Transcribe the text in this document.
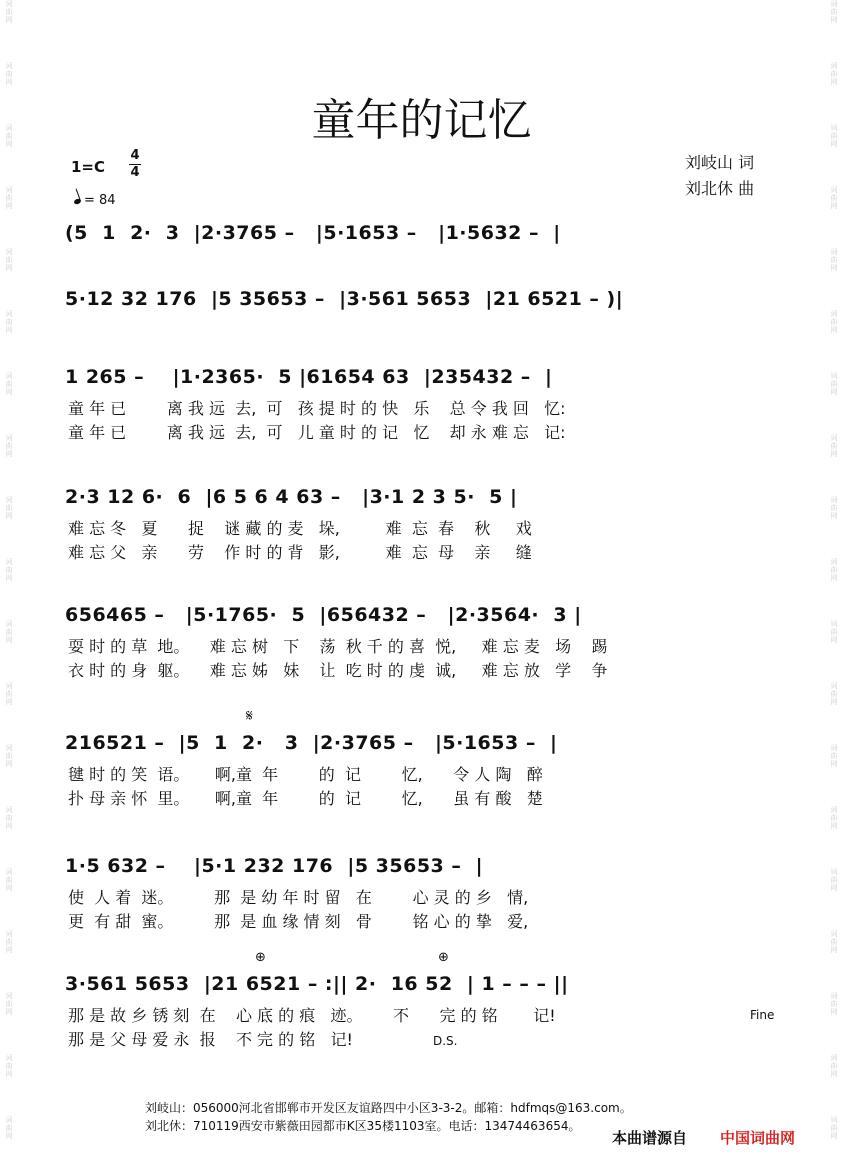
词
曲
网
词
曲
网
词
曲
网
词
曲
网
词
曲
网
词
曲
网
词
曲
网
词
曲
网
词
曲
网
词
曲
网
词
曲
网
词
曲
网
词
曲
网
词
曲
网
词
曲
网
词
曲
网
词
曲
网
词
曲
网
词
曲
网
词
曲
网
词
曲
网
词
曲
网
词
曲
网
词
曲
网
词
曲
网
词
曲
网
词
曲
网
词
曲
网
词
曲
网
词
曲
网
词
曲
网
词
曲
网
词
曲
网
词
曲
网
词
曲
网
词
曲
网
词
曲
网
词
曲
网
童年的记忆
1=C
4
4
= 84
刘岐山 词
刘北休 曲
(5  1  2·  3  |2·3765 –   |5·1653 –   |1·5632 –  |
5·12 32 176  |5 35653 –  |3·561 5653  |21 6521 – )|
1 265 –    |1·2365·  5 |61654 63  |235432 –  |
童 年 已        离 我 远  去,  可   孩 提 时 的 快   乐    总 令 我 回   忆:
童 年 已        离 我 远  去,  可   儿 童 时 的 记   忆    却 永 难 忘   记:
2·3 12 6·  6  |6 5 6 4 63 –   |3·1 2 3 5·  5 |
难 忘 冬   夏      捉    谜 藏 的 麦   垛,         难  忘  春    秋     戏
难 忘 父   亲      劳    作 时 的 背   影,         难  忘  母    亲     缝
656465 –   |5·1765·  5  |656432 –   |2·3564·  3 |
耍 时 的 草  地。    难 忘 树   下    荡  秋 千 的 喜  悦,     难 忘 麦   场    踢
衣 时 的 身  躯。    难 忘 姊   妹    让  吃 时 的 虔  诚,     难 忘 放   学    争
216521 –  |5  1  2·   3  |2·3765 –   |5·1653 –  |
毽 时 的 笑  语。     啊,童  年        的  记        忆,      令 人 陶   醉
扑 母 亲 怀  里。     啊,童  年        的  记        忆,      虽 有 酸   楚
1·5 632 –    |5·1 232 176  |5 35653 –  |
使  人 着  迷。        那  是 幼 年 时 留   在        心 灵 的 乡   情,
更  有 甜  蜜。        那  是 血 缘 情 刻   骨        铭 心 的 挚   爱,
3·561 5653  |21 6521 – :|| 2·  16 52  | 1 – – – ||
那 是 故 乡 锈 刻  在    心 底 的 痕   迹。      不      完 的 铭       记!
那 是 父 母 爱 永  报    不 完 的 铭   记!
𝄋
⊕	⊕
Fine
D.S.
刘岐山：056000河北省邯郸市开发区友谊路四中小区3-3-2。邮箱：hdfmqs@163.com。
刘北休：710119西安市紫薇田园都市K区35楼1103室。电话：13474463654。
本曲谱源自 中国词曲网
